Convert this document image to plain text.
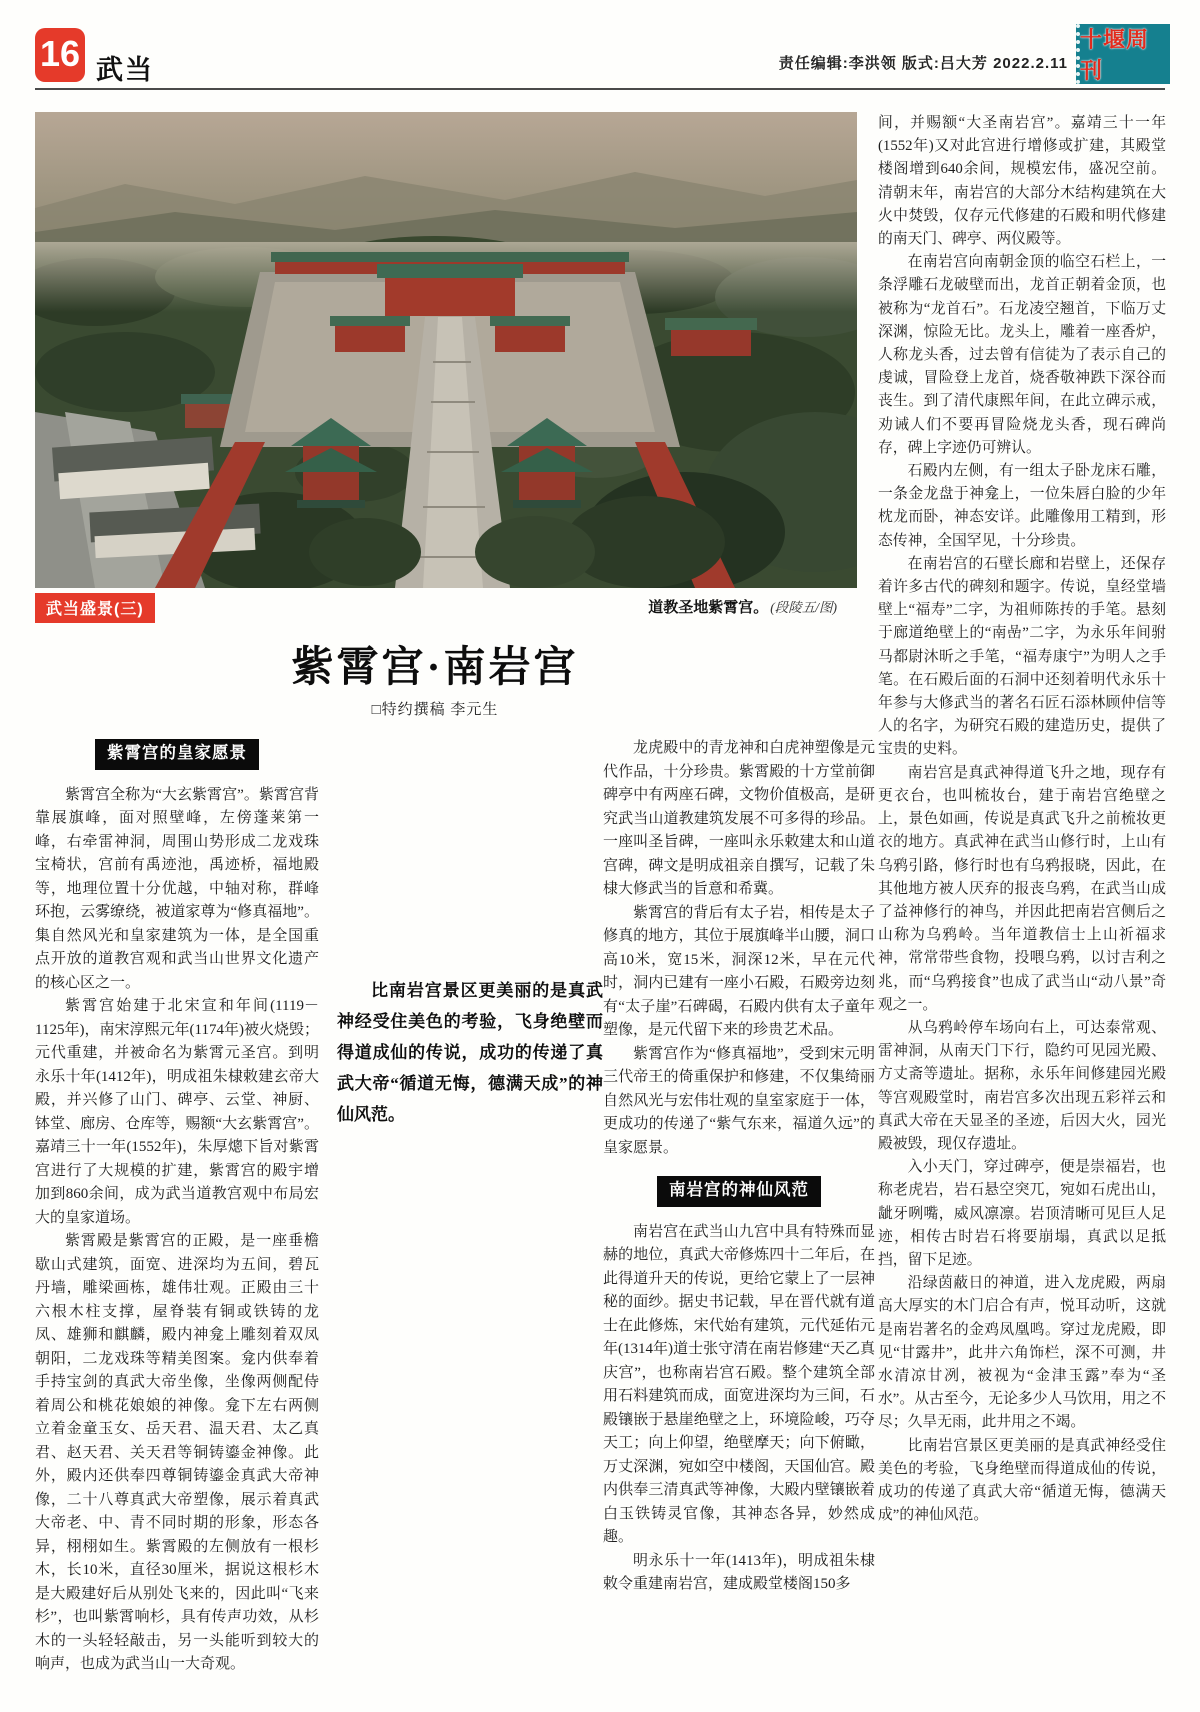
16 武当	责任编辑:李洪领 版式:吕大芳 2022.2.11
十堰周刊
武当盛景(三)	道教圣地紫霄宫。 (段陵五/图)
紫霄宫·南岩宫
□特约撰稿 李元生
紫霄宫的皇家愿景

紫霄宫全称为“大玄紫霄宫”。紫霄宫背靠展旗峰，面对照壁峰，左傍蓬莱第一峰，右牵雷神洞，周围山势形成二龙戏珠宝椅状，宫前有禹迹池，禹迹桥，福地殿等，地理位置十分优越，中轴对称，群峰环抱，云雾缭绕，被道家尊为“修真福地”。集自然风光和皇家建筑为一体，是全国重点开放的道教宫观和武当山世界文化遗产的核心区之一。

紫霄宫始建于北宋宣和年间(1119－1125年)，南宋淳熙元年(1174年)被火烧毁；元代重建，并被命名为紫霄元圣宫。到明永乐十年(1412年)，明成祖朱棣敕建玄帝大殿，并兴修了山门、碑亭、云堂、神厨、钵堂、廊房、仓库等，赐额“大玄紫霄宫”。嘉靖三十一年(1552年)，朱厚熜下旨对紫霄宫进行了大规模的扩建，紫霄宫的殿宇增加到860余间，成为武当道教宫观中布局宏大的皇家道场。

紫霄殿是紫霄宫的正殿，是一座垂檐歇山式建筑，面宽、进深均为五间，碧瓦丹墙，雕梁画栋，雄伟壮观。正殿由三十六根木柱支撑，屋脊装有铜或铁铸的龙凤、雄狮和麒麟，殿内神龛上雕刻着双凤朝阳，二龙戏珠等精美图案。龛内供奉着手持宝剑的真武大帝坐像，坐像两侧配侍着周公和桃花娘娘的神像。龛下左右两侧立着金童玉女、岳天君、温天君、太乙真君、赵天君、关天君等铜铸鎏金神像。此外，殿内还供奉四尊铜铸鎏金真武大帝神像，二十八尊真武大帝塑像，展示着真武大帝老、中、青不同时期的形象，形态各异，栩栩如生。紫霄殿的左侧放有一根杉木，长10米，直径30厘米，据说这根杉木是大殿建好后从别处飞来的，因此叫“飞来杉”，也叫紫霄响杉，具有传声功效，从杉木的一头轻轻敲击，另一头能听到较大的响声，也成为武当山一大奇观。

比南岩宫景区更美丽的是真武神经受住美色的考验，飞身绝壁而得道成仙的传说，成功的传递了真武大帝“循道无悔，德满天成”的神仙风范。

龙虎殿中的青龙神和白虎神塑像是元代作品，十分珍贵。紫霄殿的十方堂前御碑亭中有两座石碑，文物价值极高，是研究武当山道教建筑发展不可多得的珍品。一座叫圣旨碑，一座叫永乐敕建太和山道宫碑，碑文是明成祖亲自撰写，记载了朱棣大修武当的旨意和希冀。

紫霄宫的背后有太子岩，相传是太子修真的地方，其位于展旗峰半山腰，洞口高10米，宽15米，洞深12米，早在元代时，洞内已建有一座小石殿，石殿旁边刻有“太子崖”石碑碣，石殿内供有太子童年塑像，是元代留下来的珍贵艺术品。

紫霄宫作为“修真福地”，受到宋元明三代帝王的倚重保护和修建，不仅集绮丽自然风光与宏伟壮观的皇室家庭于一体，更成功的传递了“紫气东来，福道久远”的皇家愿景。

南岩宫的神仙风范

南岩宫在武当山九宫中具有特殊而显赫的地位，真武大帝修炼四十二年后，在此得道升天的传说，更给它蒙上了一层神秘的面纱。据史书记载，早在晋代就有道士在此修炼，宋代始有建筑，元代延佑元年(1314年)道士张守清在南岩修建“天乙真庆宫”，也称南岩宫石殿。整个建筑全部用石料建筑而成，面宽进深均为三间，石殿镶嵌于悬崖绝壁之上，环境险峻，巧夺天工；向上仰望，绝壁摩天；向下俯瞰，万丈深渊，宛如空中楼阁，天国仙宫。殿内供奉三清真武等神像，大殿内壁镶嵌着白玉铁铸灵官像，其神态各异，妙然成趣。

明永乐十一年(1413年)，明成祖朱棣敕令重建南岩宫，建成殿堂楼阁150多

间，并赐额“大圣南岩宫”。嘉靖三十一年(1552年)又对此宫进行增修或扩建，其殿堂楼阁增到640余间，规模宏伟，盛况空前。清朝末年，南岩宫的大部分木结构建筑在大火中焚毁，仅存元代修建的石殿和明代修建的南天门、碑亭、两仪殿等。

在南岩宫向南朝金顶的临空石栏上，一条浮雕石龙破壁而出，龙首正朝着金顶，也被称为“龙首石”。石龙凌空翘首，下临万丈深渊，惊险无比。龙头上，雕着一座香炉，人称龙头香，过去曾有信徒为了表示自己的虔诚，冒险登上龙首，烧香敬神跌下深谷而丧生。到了清代康熙年间，在此立碑示戒，劝诫人们不要再冒险烧龙头香，现石碑尚存，碑上字迹仍可辨认。

石殿内左侧，有一组太子卧龙床石雕，一条金龙盘于神龛上，一位朱唇白脸的少年枕龙而卧，神态安详。此雕像用工精到，形态传神，全国罕见，十分珍贵。

在南岩宫的石壁长廊和岩壁上，还保存着许多古代的碑刻和题字。传说，皇经堂墙壁上“福寿”二字，为祖师陈抟的手笔。悬刻于廊道绝壁上的“南嵒”二字，为永乐年间驸马都尉沐昕之手笔，“福寿康宁”为明人之手笔。在石殿后面的石洞中还刻着明代永乐十年参与大修武当的著名石匠石添林顾仲信等人的名字，为研究石殿的建造历史，提供了宝贵的史料。

南岩宫是真武神得道飞升之地，现存有更衣台，也叫梳妆台，建于南岩宫绝壁之上，景色如画，传说是真武飞升之前梳妆更衣的地方。真武神在武当山修行时，上山有乌鸦引路，修行时也有乌鸦报晓，因此，在其他地方被人厌弃的报丧乌鸦，在武当山成了益神修行的神鸟，并因此把南岩宫侧后之山称为乌鸦岭。当年道教信士上山祈福求神，常常带些食物，投喂乌鸦，以讨吉利之兆，而“乌鸦接食”也成了武当山“动八景”奇观之一。

从乌鸦岭停车场向右上，可达泰常观、雷神洞，从南天门下行，隐约可见园光殿、方丈斋等遗址。据称，永乐年间修建园光殿等宫观殿堂时，南岩宫多次出现五彩祥云和真武大帝在天显圣的圣迹，后因大火，园光殿被毁，现仅存遗址。

入小天门，穿过碑亭，便是崇福岩，也称老虎岩，岩石悬空突兀，宛如石虎出山，龇牙咧嘴，威风凛凛。岩顶清晰可见巨人足迹，相传古时岩石将要崩塌，真武以足抵挡，留下足迹。

沿绿茵蔽日的神道，进入龙虎殿，两扇高大厚实的木门启合有声，悦耳动听，这就是南岩著名的金鸡凤凰鸣。穿过龙虎殿，即见“甘露井”，此井六角饰栏，深不可测，井水清凉甘冽，被视为“金津玉露”奉为“圣水”。从古至今，无论多少人马饮用，用之不尽；久旱无雨，此井用之不竭。

比南岩宫景区更美丽的是真武神经受住美色的考验，飞身绝壁而得道成仙的传说，成功的传递了真武大帝“循道无悔，德满天成”的神仙风范。
